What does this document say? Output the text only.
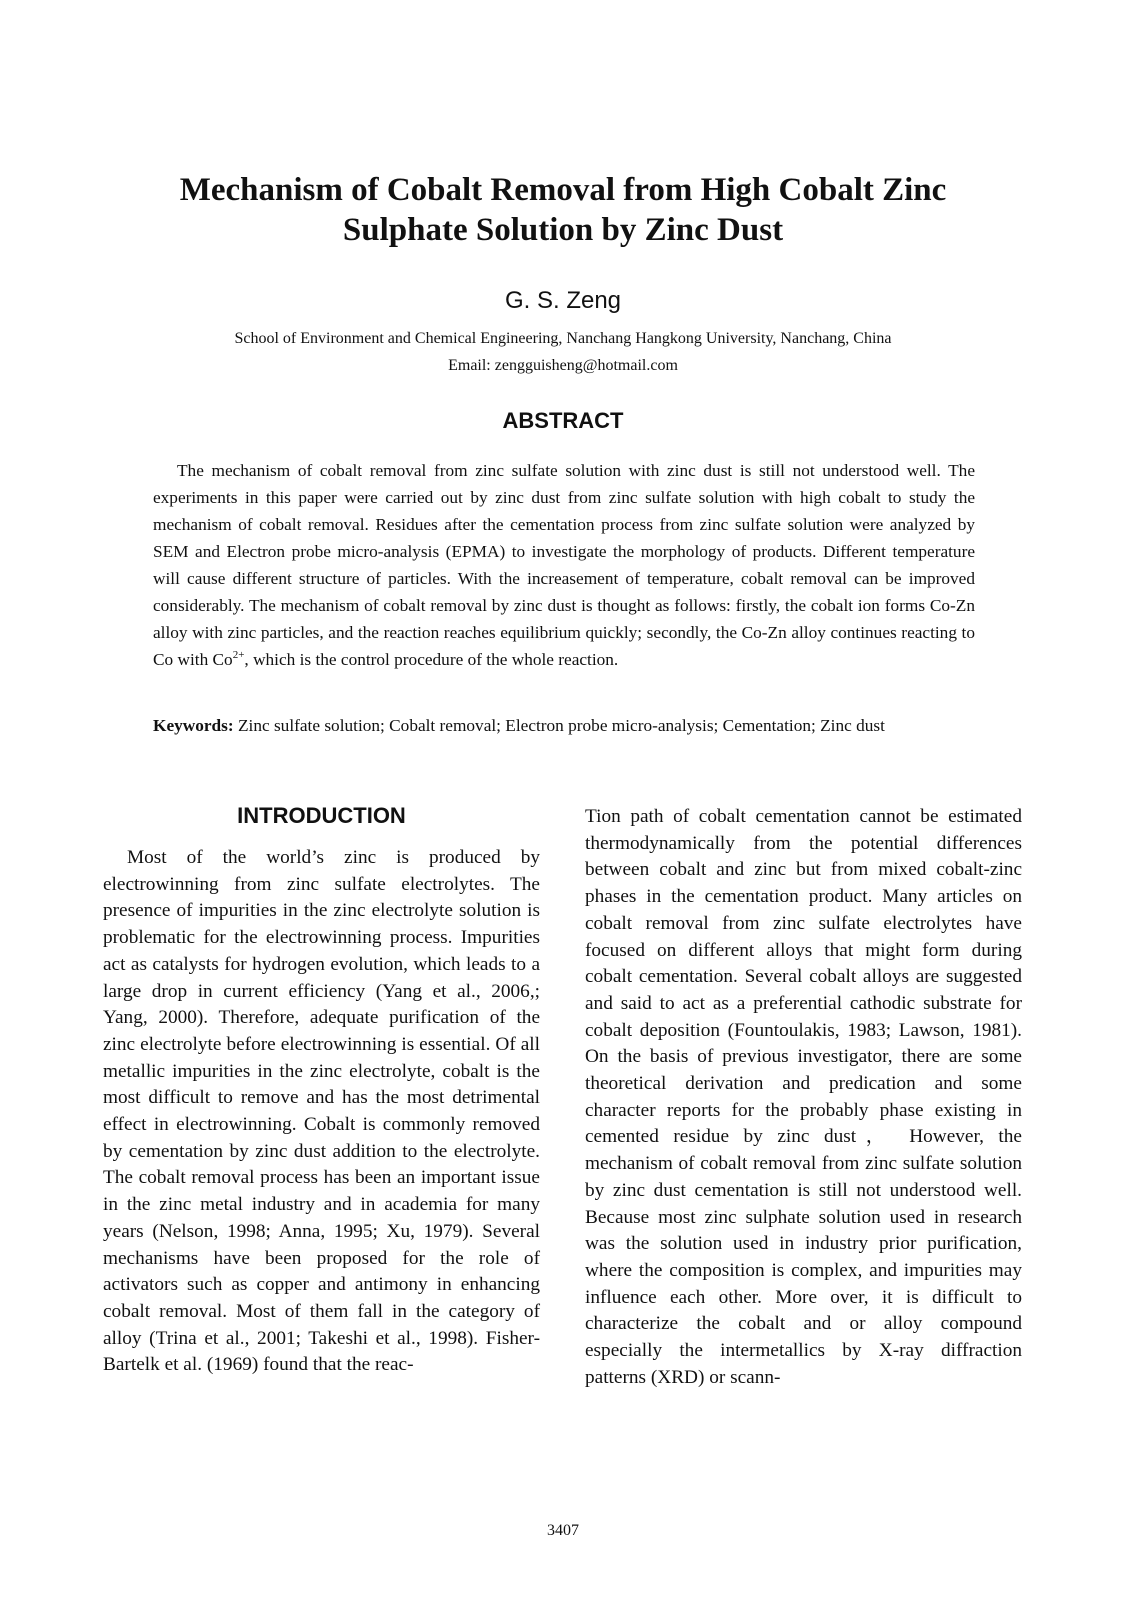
Mechanism of Cobalt Removal from High Cobalt Zinc
Sulphate Solution by Zinc Dust

G. S. Zeng

School of Environment and Chemical Engineering, Nanchang Hangkong University, Nanchang, China
Email: zengguisheng@hotmail.com

ABSTRACT

The mechanism of cobalt removal from zinc sulfate solution with zinc dust is still not understood well. The experiments in this paper were carried out by zinc dust from zinc sulfate solution with high cobalt to study the mechanism of cobalt removal. Residues after the cementation process from zinc sulfate solution were analyzed by SEM and Electron probe micro-analysis (EPMA) to investigate the morphology of products. Different temperature will cause different structure of particles. With the increasement of temperature, cobalt removal can be improved considerably. The mechanism of cobalt removal by zinc dust is thought as follows: firstly, the cobalt ion forms Co-Zn alloy with zinc particles, and the reaction reaches equilibrium quickly; secondly, the Co-Zn alloy continues reacting to Co with $Co^{2+}$, which is the control procedure of the whole reaction.

Keywords: Zinc sulfate solution; Cobalt removal; Electron probe micro-analysis; Cementation; Zinc dust

INTRODUCTION

Most of the world’s zinc is produced by electrowinning from zinc sulfate electrolytes. The presence of impurities in the zinc electrolyte solution is problematic for the electrowinning process. Impurities act as catalysts for hydrogen evolution, which leads to a large drop in current efficiency (Yang et al., 2006,; Yang, 2000). Therefore, adequate purification of the zinc electrolyte before electrowinning is essential. Of all metallic impurities in the zinc electrolyte, cobalt is the most difficult to remove and has the most detrimental effect in electrowinning. Cobalt is commonly removed by cementation by zinc dust addition to the electrolyte. The cobalt removal process has been an important issue in the zinc metal industry and in academia for many years (Nelson, 1998; Anna, 1995; Xu, 1979). Several mechanisms have been proposed for the role of activators such as copper and antimony in enhancing cobalt removal. Most of them fall in the category of alloy (Trina et al., 2001; Takeshi et al., 1998). Fisher-Bartelk et al. (1969) found that the reac-

Tion path of cobalt cementation cannot be estimated thermodynamically from the potential differences between cobalt and zinc but from mixed cobalt-zinc phases in the cementation product. Many articles on cobalt removal from zinc sulfate electrolytes have focused on different alloys that might form during cobalt cementation. Several cobalt alloys are suggested and said to act as a preferential cathodic substrate for cobalt deposition (Fountoulakis, 1983; Lawson, 1981). On the basis of previous investigator, there are some theoretical derivation and predication and some character reports for the probably phase existing in cemented residue by zinc dust， However, the mechanism of cobalt removal from zinc sulfate solution by zinc dust cementation is still not understood well. Because most zinc sulphate solution used in research was the solution used in industry prior purification, where the composition is complex, and impurities may influence each other. More over, it is difficult to characterize the cobalt and or alloy compound especially the intermetallics by X-ray diffraction patterns (XRD) or scann-

3407
